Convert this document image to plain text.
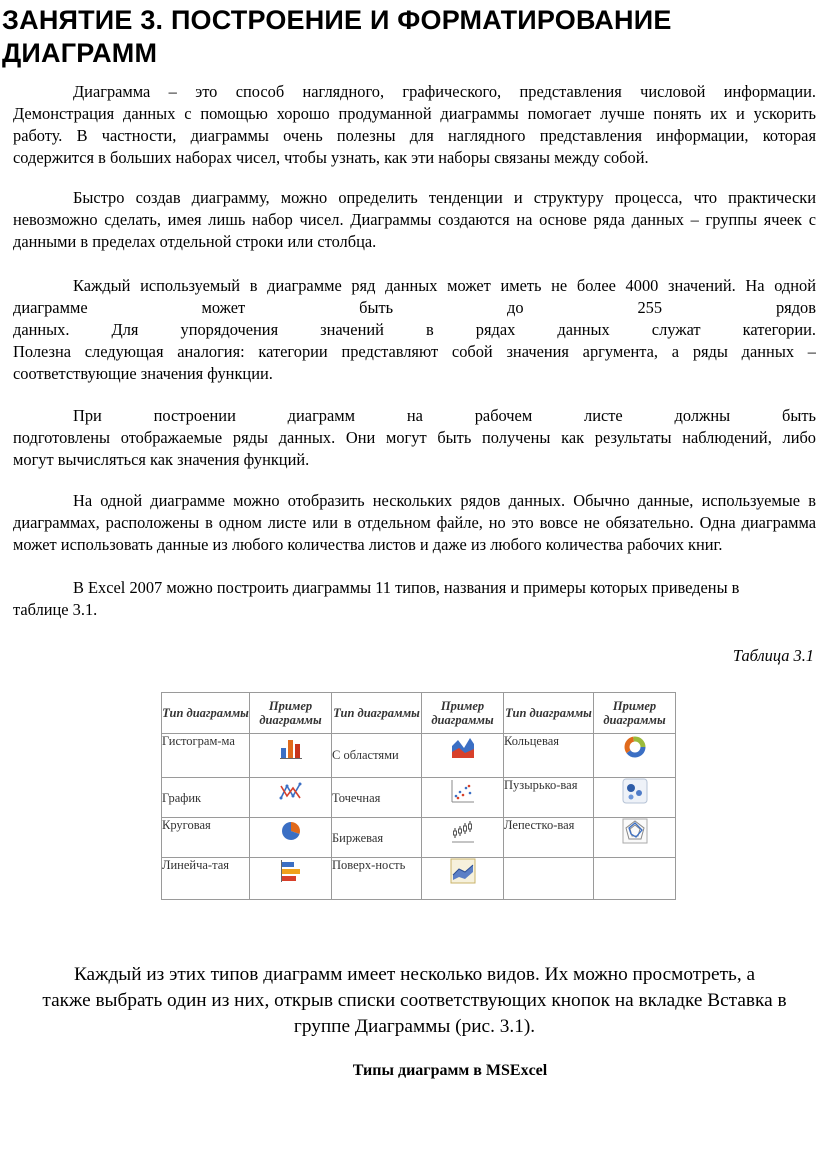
ЗАНЯТИЕ 3. ПОСТРОЕНИЕ И ФОРМАТИРОВАНИЕ
ДИАГРАММ
Диаграмма – это способ наглядного, графического, представления числовой информации.
Демонстрация данных с помощью хорошо продуманной диаграммы помогает лучше понять их и ускорить
работу. В частности, диаграммы очень полезны для наглядного представления информации, которая
содержится в больших наборах чисел, чтобы узнать, как эти наборы связаны между собой.
Быстро создав диаграмму, можно определить тенденции и структуру процесса, что практически
невозможно сделать, имея лишь набор чисел. Диаграммы создаются на основе ряда данных – группы ячеек с
данными в пределах отдельной строки или столбца.
Каждый используемый в диаграмме ряд данных может иметь не более 4000 значений. На одной
диаграмме может быть до 255 рядов
данных. Для упорядочения значений в рядах данных служат категории.
Полезна следующая аналогия: категории представляют собой значения аргумента, а ряды данных –
соответствующие значения функции.
При построении диаграмм на рабочем листе должны быть
подготовлены отображаемые ряды данных. Они могут быть получены как результаты наблюдений, либо
могут вычисляться как значения функций.
На одной диаграмме можно отобразить нескольких рядов данных. Обычно данные, используемые в
диаграммах, расположены в одном листе или в отдельном файле, но это вовсе не обязательно. Одна диаграмма
может использовать данные из любого количества листов и даже из любого количества рабочих книг.
В Excel 2007 можно построить диаграммы 11 типов, названия и примеры которых приведены в
таблице 3.1.
Таблица 3.1
Тип диаграммы	Пример диаграммы	Тип диаграммы	Пример диаграммы	Тип диаграммы	Пример диаграммы
Гистограм-ма		С областями		Кольцевая	

График		Точечная		Пузырько-вая	

Круговая		Биржевая		Лепестко-вая	

Линейча-тая		Поверх-ность	

Каждый из этих типов диаграмм имеет несколько видов. Их можно просмотреть, а
также выбрать один из них, открыв списки соответствующих кнопок на вкладке Вставка в
группе Диаграммы (рис. 3.1).
Типы диаграмм в MSExcel
